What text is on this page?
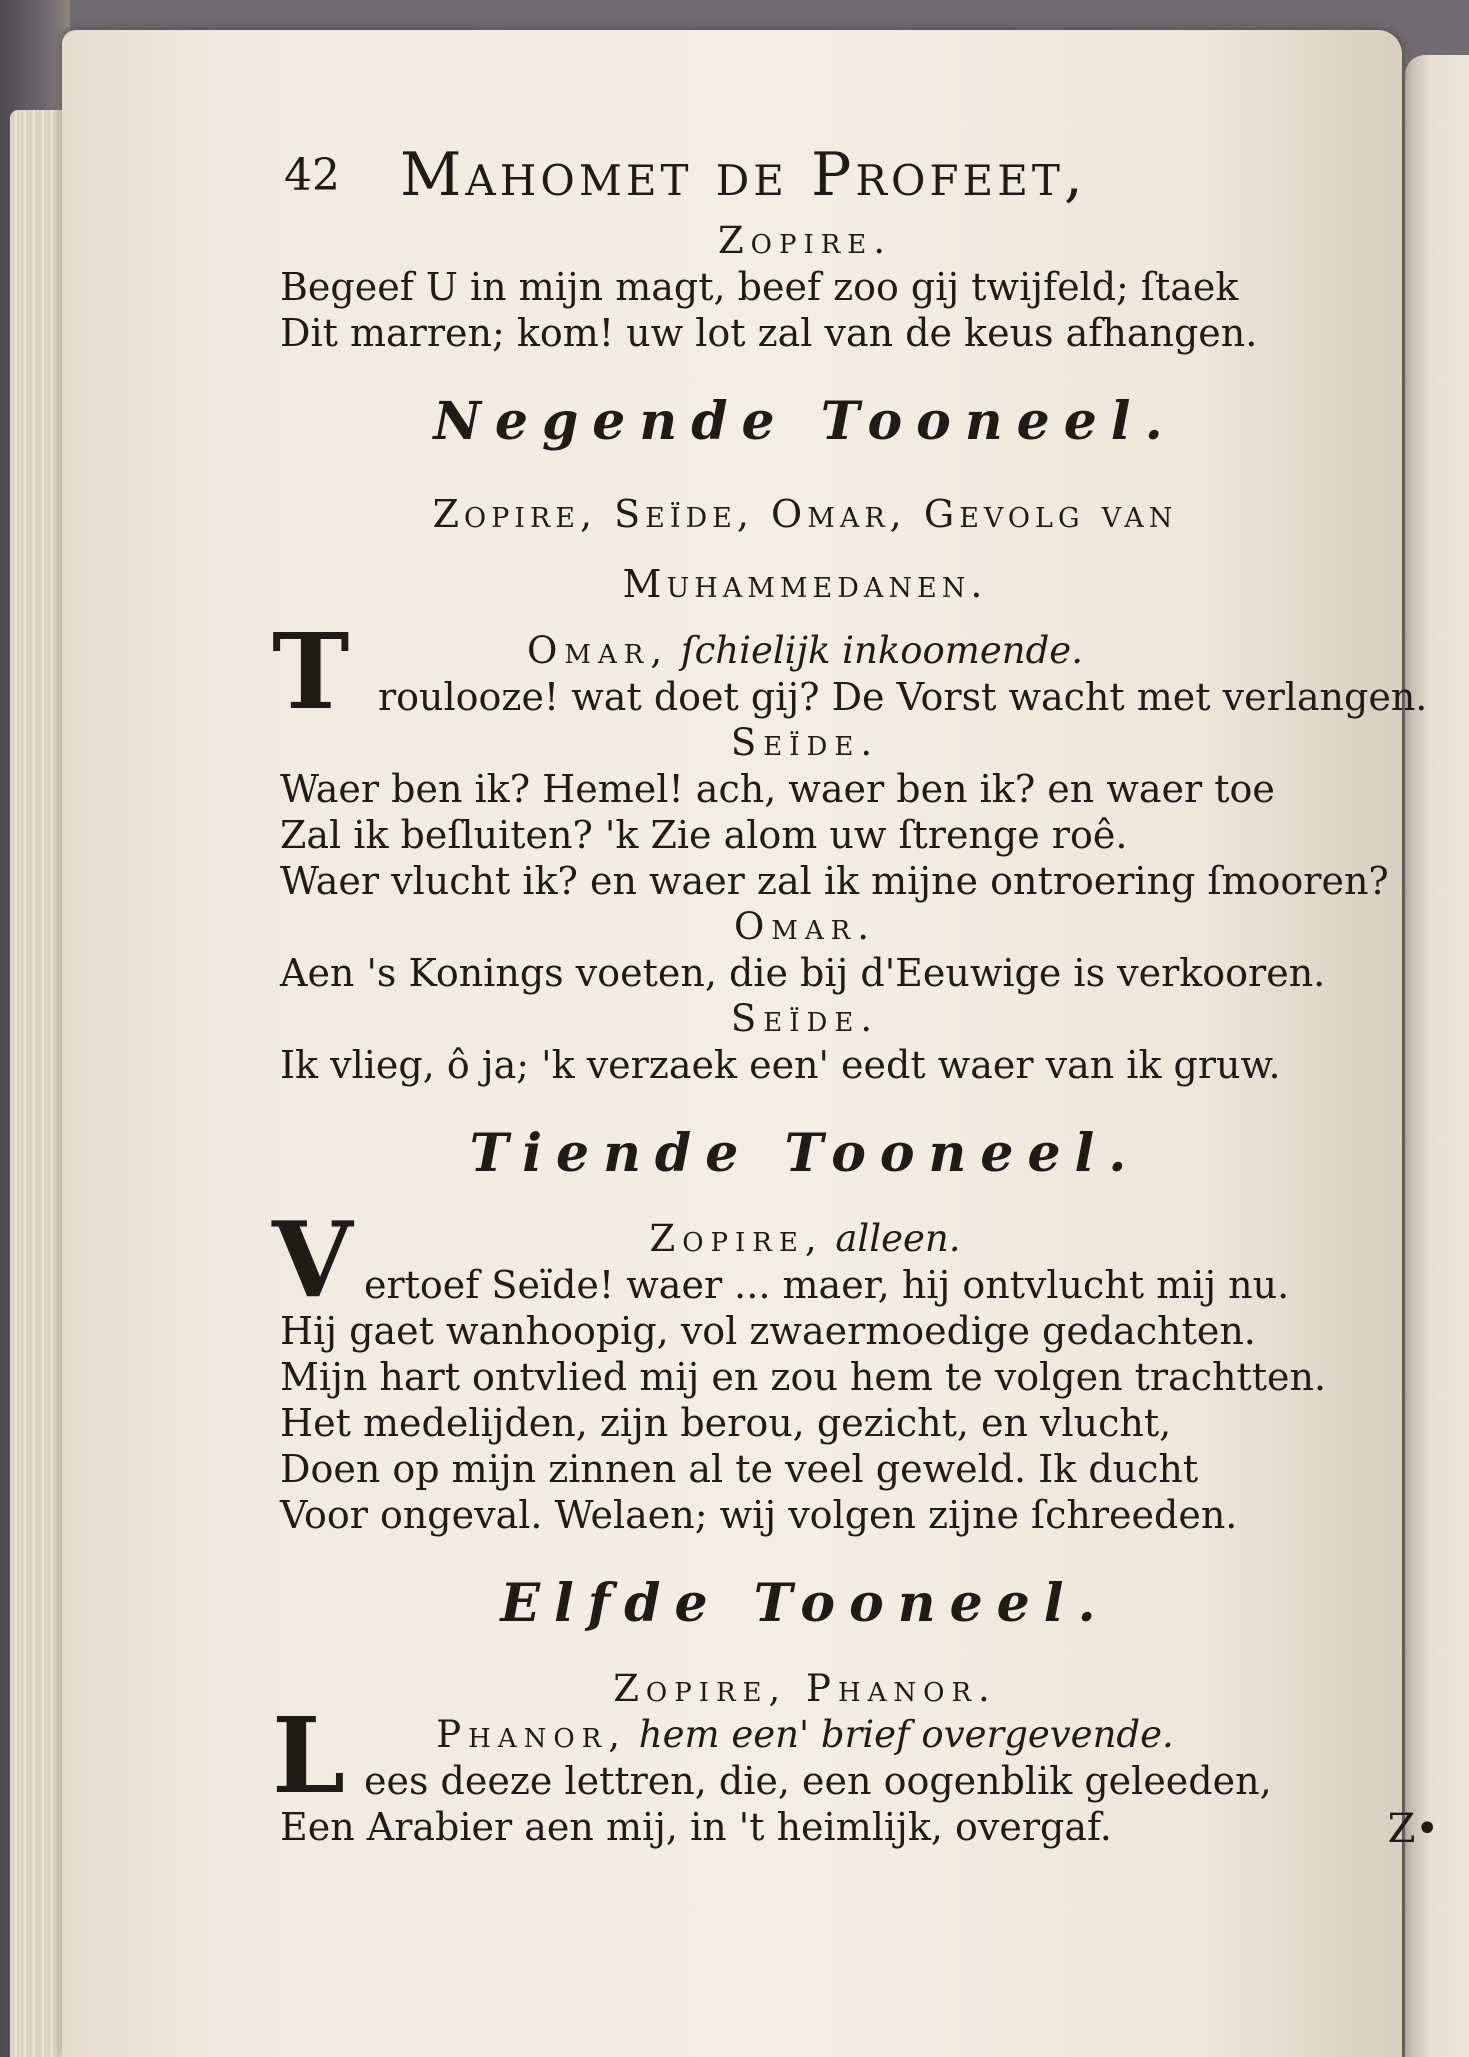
42 Mahomet de Profeet,
Zopire.
Begeef U in mijn magt, beef zoo gij twijfeld; ſtaek
Dit marren; kom! uw lot zal van de keus afhangen.
Negende Tooneel.
Zopire, Seïde, Omar, Gevolg van
Muhammedanen.
T	Omar, ſchielijk inkoomende.
roulooze! wat doet gij? De Vorst wacht met verlangen.
Seïde.
Waer ben ik? Hemel! ach, waer ben ik? en waer toe
Zal ik beſluiten? 'k Zie alom uw ſtrenge roê.
Waer vlucht ik? en waer zal ik mijne ontroering ſmooren?
Omar.
Aen 's Konings voeten, die bij d'Eeuwige is verkooren.
Seïde.
Ik vlieg, ô ja; 'k verzaek een' eedt waer van ik gruw.
Tiende Tooneel.
V	Zopire, alleen.
ertoef Seïde! waer ... maer, hij ontvlucht mij nu.
Hij gaet wanhoopig, vol zwaermoedige gedachten.
Mijn hart ontvlied mij en zou hem te volgen trachtten.
Het medelijden, zijn berou, gezicht, en vlucht,
Doen op mijn zinnen al te veel geweld. Ik ducht
Voor ongeval. Welaen; wij volgen zijne ſchreeden.
Elfde Tooneel.
Zopire, Phanor.
L	Phanor, hem een' brief overgevende.
ees deeze lettren, die, een oogenblik geleeden,
Een Arabier aen mij, in 't heimlijk, overgaf.	Z•
